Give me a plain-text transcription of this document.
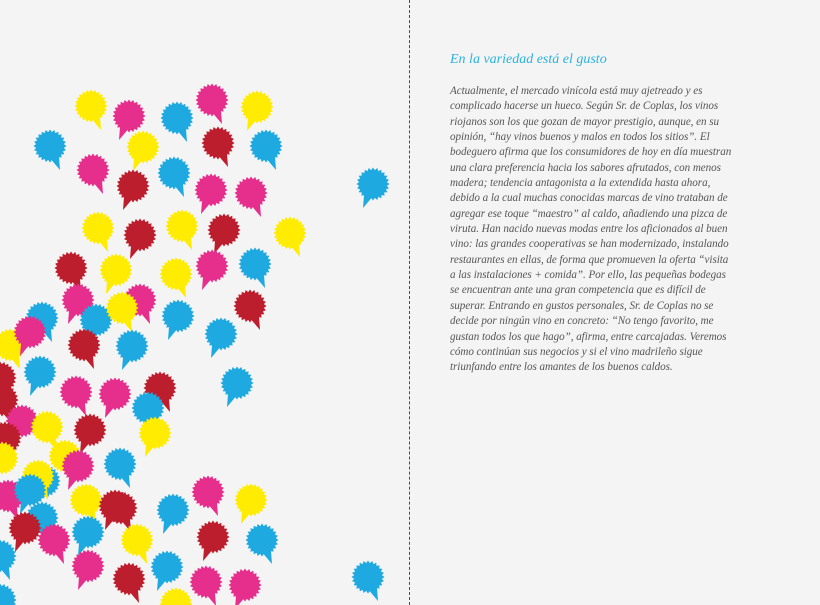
En la variedad está el gusto

Actualmente, el mercado vinícola está muy ajetreado y es complicado hacerse un hueco. Según Sr. de Coplas, los vinos riojanos son los que gozan de mayor prestigio, aunque, en su opinión, “hay vinos buenos y malos en todos los sitios”. El bodeguero afirma que los consumidores de hoy en día muestran una clara preferencia hacia los sabores afrutados, con menos madera; tendencia antagonista a la extendida hasta ahora, debido a la cual muchas conocidas marcas de vino trataban de agregar ese toque “maestro” al caldo, añadiendo una pizca de viruta. Han nacido nuevas modas entre los aficionados al buen vino: las grandes cooperativas se han modernizado, instalando restaurantes en ellas, de forma que promueven la oferta “visita a las instalaciones + comida”. Por ello, las pequeñas bodegas se encuentran ante una gran competencia que es difícil de superar. Entrando en gustos personales, Sr. de Coplas no se decide por ningún vino en concreto: “No tengo favorito, me gustan todos los que hago”, afirma, entre carcajadas. Veremos cómo continúan sus negocios y si el vino madrileño sigue triunfando entre los amantes de los buenos caldos.
